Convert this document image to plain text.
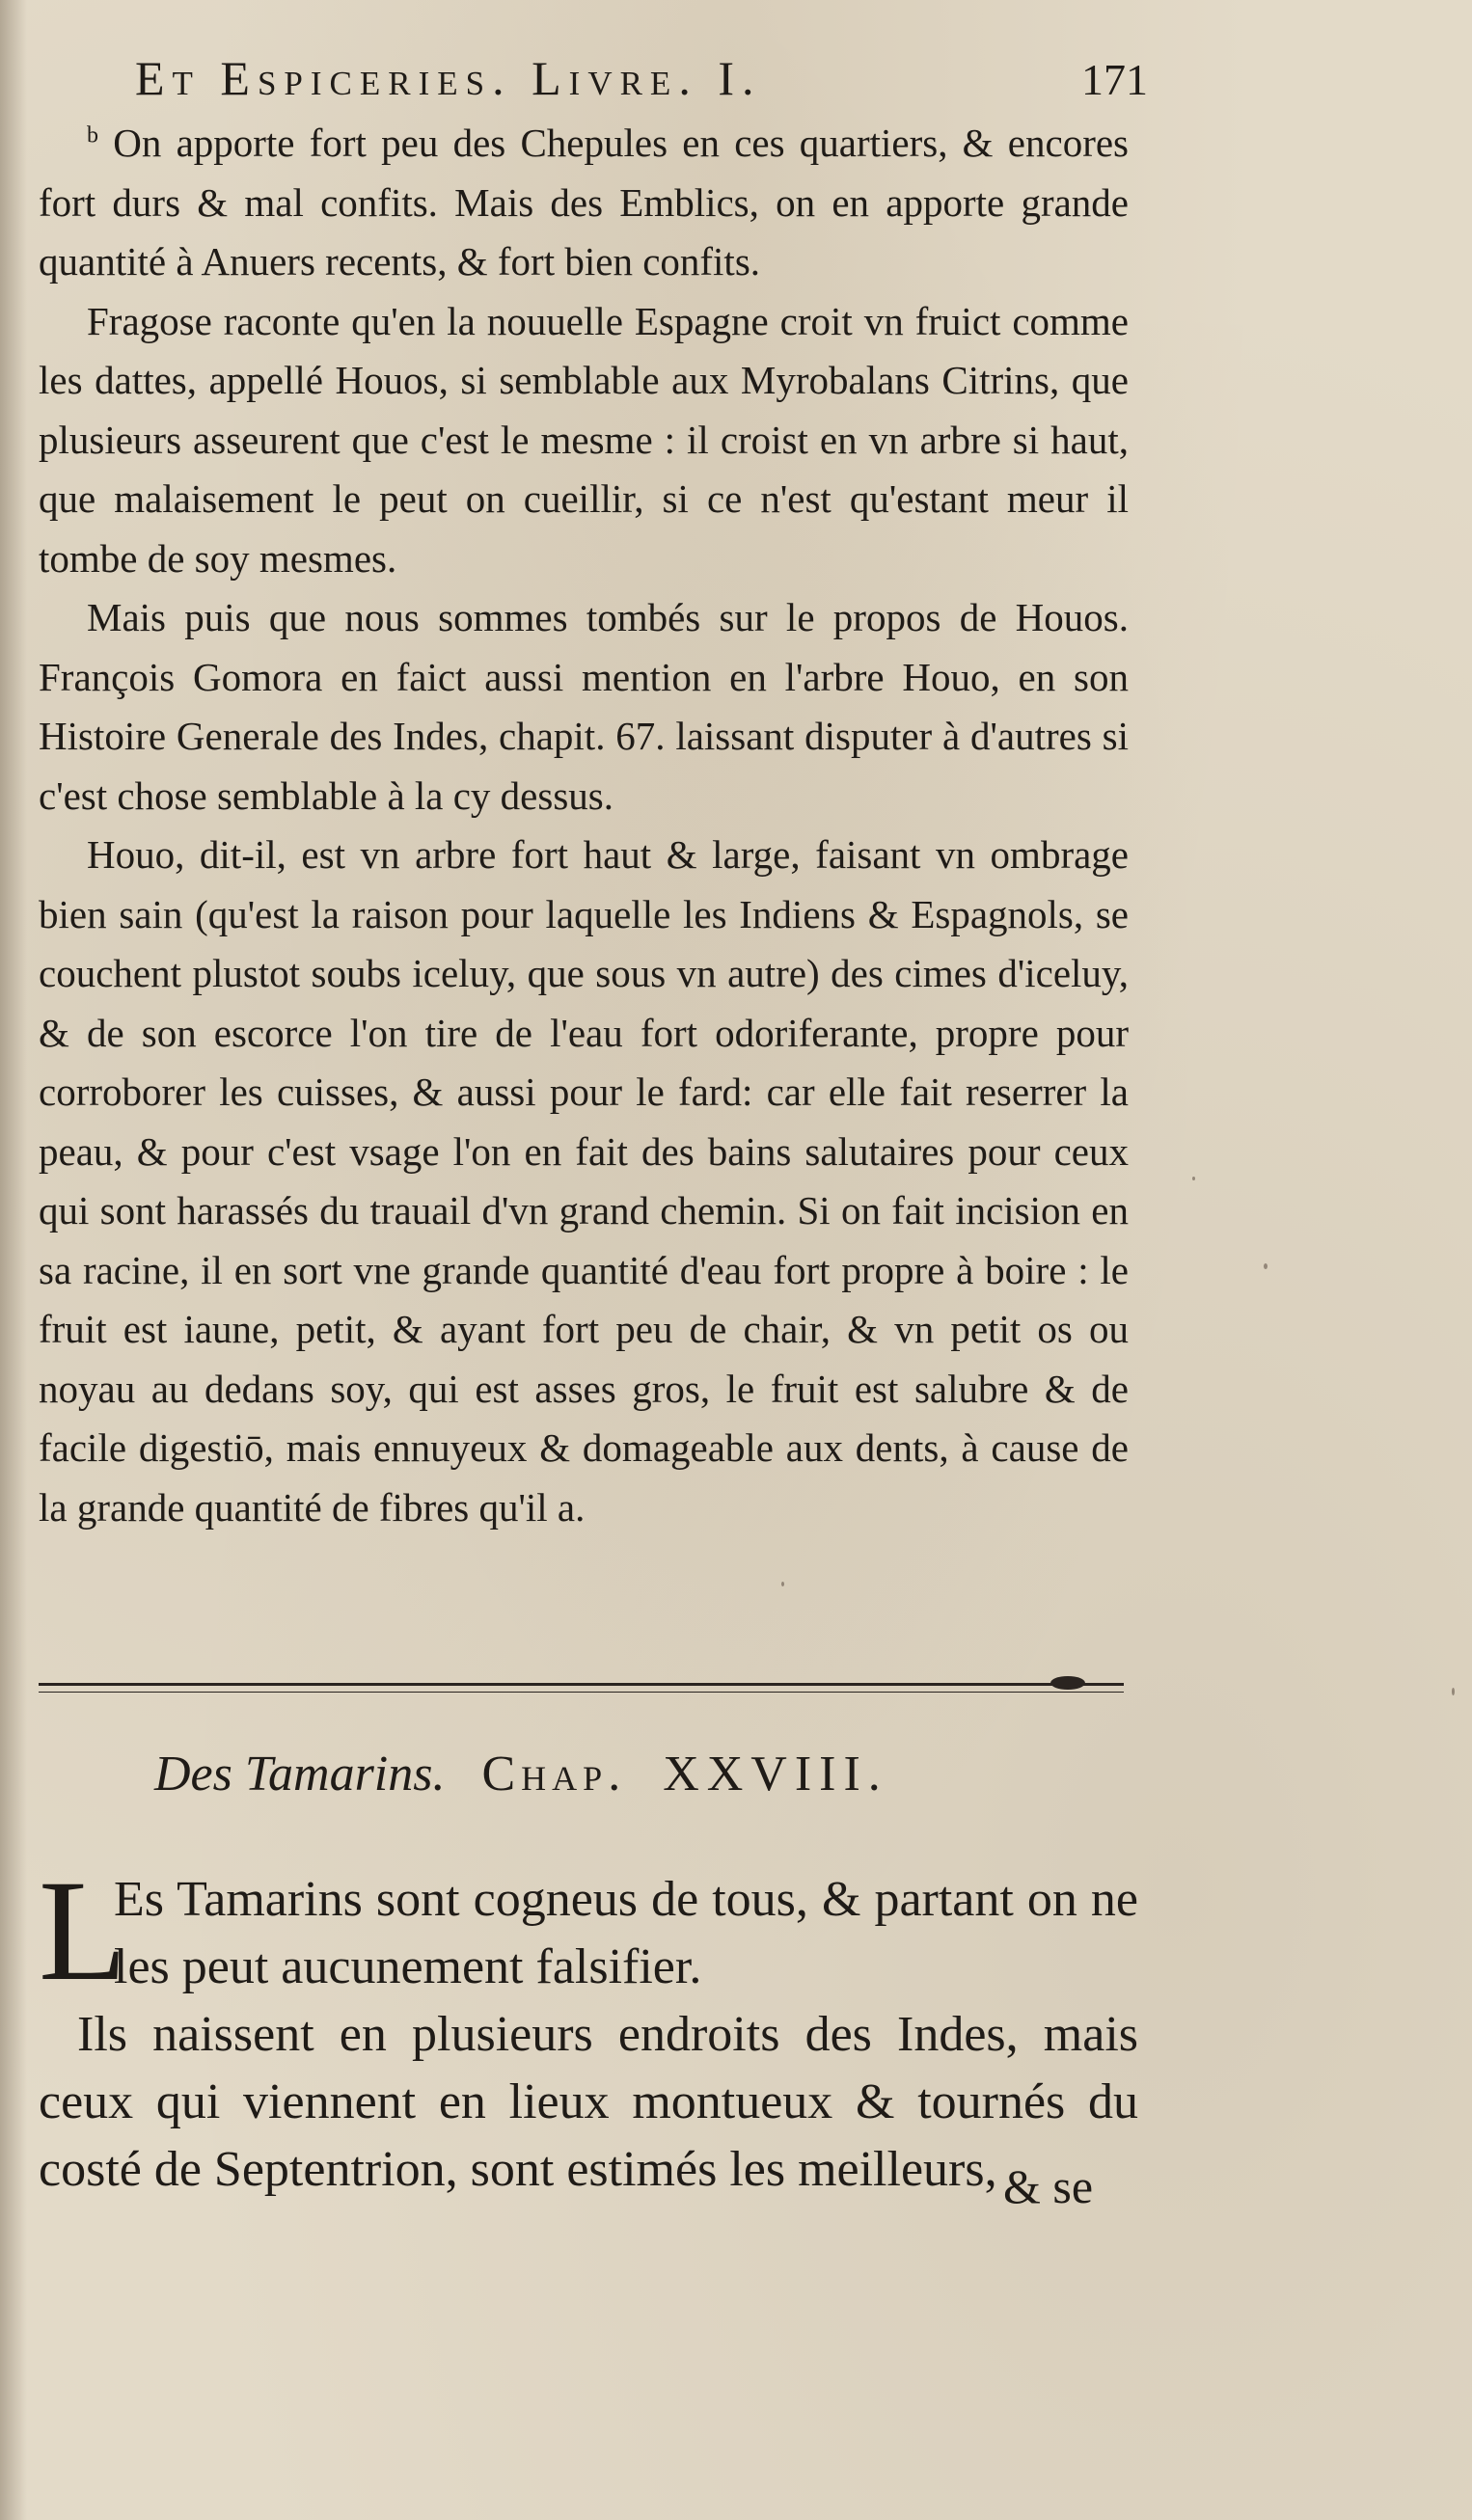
Et Espiceries. Livre. I.	171

$^b$ On apporte fort peu des Chepules en ces quartiers, & encores fort durs & mal confits. Mais des Emblics, on en apporte grande quantité à Anuers recents, & fort bien confits.

Fragose raconte qu'en la nouuelle Espagne croit vn fruict comme les dattes, appellé Houos, si semblable aux Myrobalans Citrins, que plusieurs asseurent que c'est le mesme : il croist en vn arbre si haut, que malaisement le peut on cueillir, si ce n'est qu'estant meur il tombe de soy mesmes.

Mais puis que nous sommes tombés sur le propos de Houos. François Gomora en faict aussi mention en l'arbre Houo, en son Histoire Generale des Indes, chapit. 67. laissant disputer à d'autres si c'est chose semblable à la cy dessus.

Houo, dit-il, est vn arbre fort haut & large, faisant vn ombrage bien sain (qu'est la raison pour laquelle les Indiens & Espagnols, se couchent plustot soubs iceluy, que sous vn autre) des cimes d'iceluy, & de son escorce l'on tire de l'eau fort odoriferante, propre pour corroborer les cuisses, & aussi pour le fard: car elle fait reserrer la peau, & pour c'est vsage l'on en fait des bains salutaires pour ceux qui sont harassés du trauail d'vn grand chemin. Si on fait incision en sa racine, il en sort vne grande quantité d'eau fort propre à boire : le fruit est iaune, petit, & ayant fort peu de chair, & vn petit os ou noyau au dedans soy, qui est asses gros, le fruit est salubre & de facile digestiō, mais ennuyeux & domageable aux dents, à cause de la grande quantité de fibres qu'il a.

Des Tamarins. Chap. XXVIII.

L
Es Tamarins sont cogneus de tous, & partant on ne les peut aucunement falsifier.

Ils naissent en plusieurs endroits des Indes, mais ceux qui viennent en lieux montueux & tournés du costé de Septentrion, sont estimés les meilleurs, & se
